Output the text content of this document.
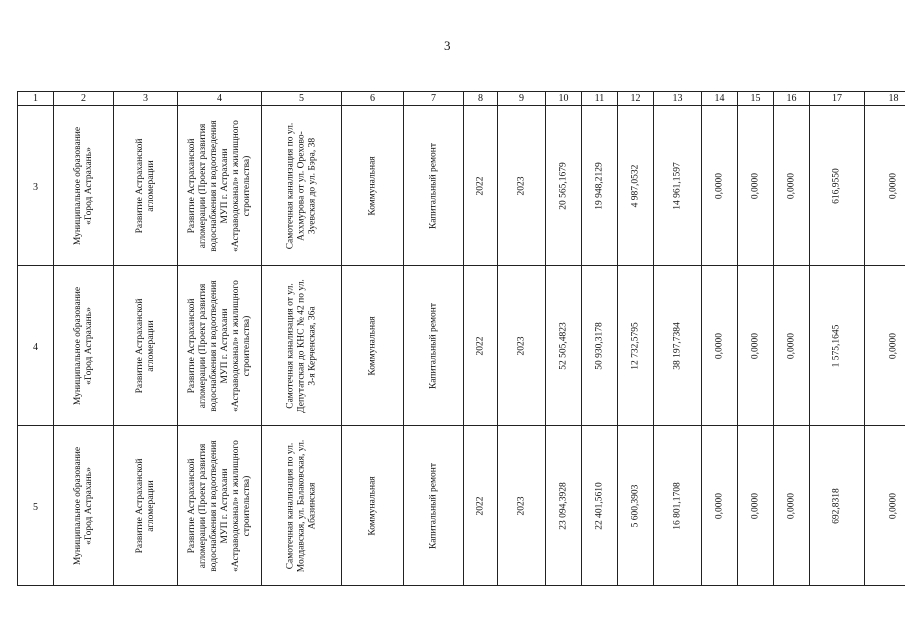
3
1	2	3	4	5	6	7	8	9	10	11	12	13	14	15	16	17	18
3	Муниципальное образование «Город Астрахань»	Развитие Астраханской агломерации	Развитие Астраханской агломерации (Проект развития водоснабжения и водоотведения МУП г. Астрахани «Астраводоканал» и жилищного строительства)	Самотечная канализация по ул. Аххмурова от ул. Орехово-Зуевская до ул. Бэра, 38	Коммунальная	Капитальный ремонт	2022	2023	20 565,1679	19 948,2129	4 987,0532	14 961,1597	0,0000	0,0000	0,0000	616,9550	0,0000

4	Муниципальное образование «Город Астрахань»	Развитие Астраханской агломерации	Развитие Астраханской агломерации (Проект развития водоснабжения и водоотведения МУП г. Астрахани «Астраводоканал» и жилищного строительства)	Самотечная канализация от ул. Депутатская до КНС № 42 по ул. 3-я Керченская, 36а	Коммунальная	Капитальный ремонт	2022	2023	52 505,4823	50 930,3178	12 732,5795	38 197,7384	0,0000	0,0000	0,0000	1 575,1645	0,0000

5	Муниципальное образование «Город Астрахань»	Развитие Астраханской агломерации	Развитие Астраханской агломерации (Проект развития водоснабжения и водоотведения МУП г. Астрахани «Астраводоканал» и жилищного строительства)	Самотечная канализация по ул. Молдавская, ул. Балаковская, ул. Абазинская	Коммунальная	Капитальный ремонт	2022	2023	23 094,3928	22 401,5610	5 600,3903	16 801,1708	0,0000	0,0000	0,0000	692,8318	0,0000
